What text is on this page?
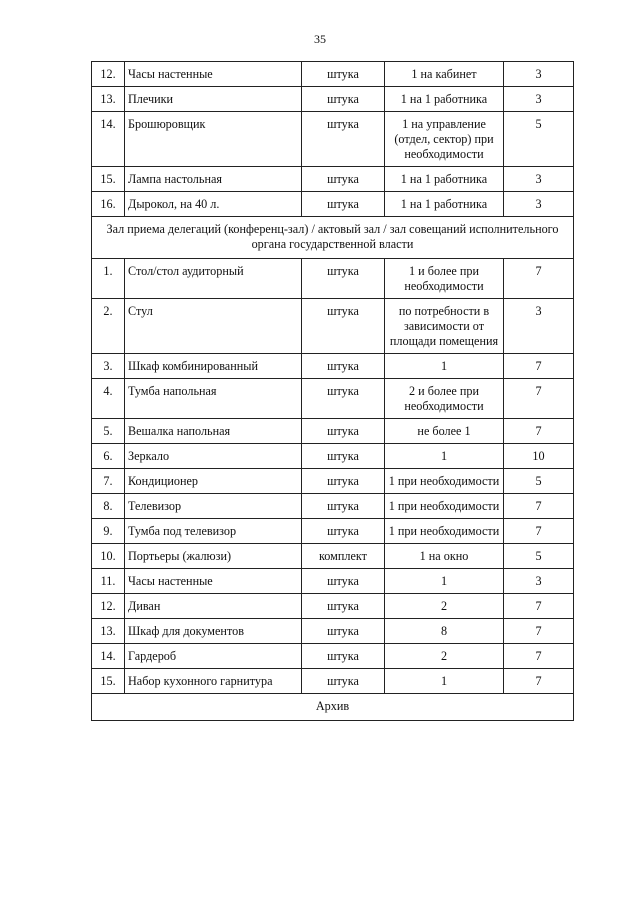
35
12.	Часы настенные	штука	1 на кабинет	3
13.	Плечики	штука	1 на 1 работника	3
14.	Брошюровщик	штука	1 на управление (отдел, сектор) при необходимости	5
15.	Лампа настольная	штука	1 на 1 работника	3
16.	Дырокол, на 40 л.	штука	1 на 1 работника	3
Зал приема делегаций (конференц-зал) / актовый зал / зал совещаний исполнительного органа государственной власти				
1.	Стол/стол аудиторный	штука	1 и более при необходимости	7
2.	Стул	штука	по потребности в зависимости от площади помещения	3
3.	Шкаф комбинированный	штука	1	7
4.	Тумба напольная	штука	2 и более при необходимости	7
5.	Вешалка напольная	штука	не более 1	7
6.	Зеркало	штука	1	10
7.	Кондиционер	штука	1 при необходимости	5
8.	Телевизор	штука	1 при необходимости	7
9.	Тумба под телевизор	штука	1 при необходимости	7
10.	Портьеры (жалюзи)	комплект	1 на окно	5
11.	Часы настенные	штука	1	3
12.	Диван	штука	2	7
13.	Шкаф для документов	штука	8	7
14.	Гардероб	штука	2	7
15.	Набор кухонного гарнитура	штука	1	7
Архив				
